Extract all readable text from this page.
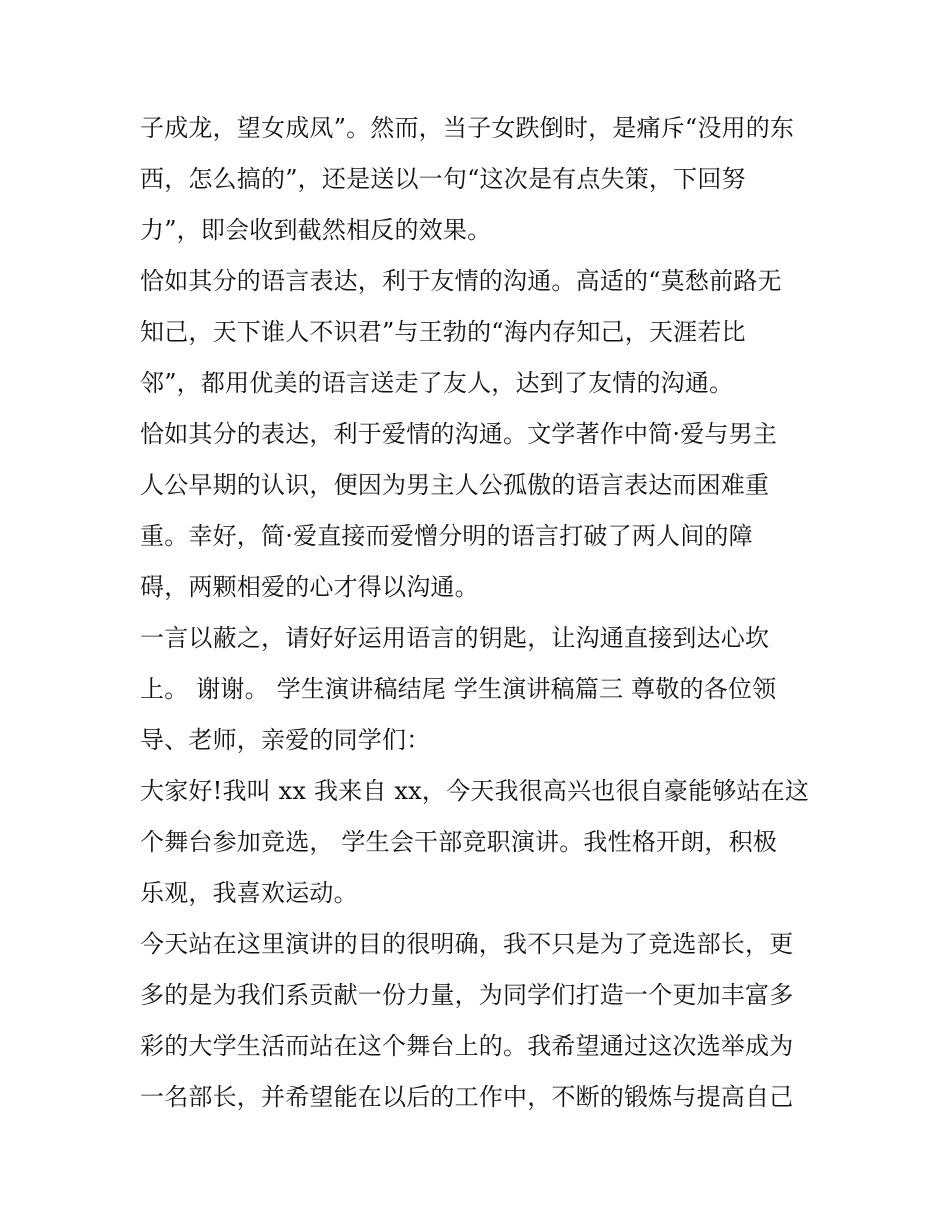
子成龙，望女成凤”。然而，当子女跌倒时，是痛斥“没用的东
西，怎么搞的”，还是送以一句“这次是有点失策，下回努
力”，即会收到截然相反的效果。
恰如其分的语言表达，利于友情的沟通。高适的“莫愁前路无
知己，天下谁人不识君”与王勃的“海内存知己，天涯若比
邻”，都用优美的语言送走了友人，达到了友情的沟通。
恰如其分的表达，利于爱情的沟通。文学著作中简·爱与男主
人公早期的认识，便因为男主人公孤傲的语言表达而困难重
重。幸好，简·爱直接而爱憎分明的语言打破了两人间的障
碍，两颗相爱的心才得以沟通。
一言以蔽之，请好好运用语言的钥匙，让沟通直接到达心坎
上。 谢谢。 学生演讲稿结尾 学生演讲稿篇三 尊敬的各位领
导、老师，亲爱的同学们：
大家好!我叫 xx 我来自 xx，今天我很高兴也很自豪能够站在这
个舞台参加竞选， 学生会干部竞职演讲。我性格开朗，积极
乐观，我喜欢运动。
今天站在这里演讲的目的很明确，我不只是为了竞选部长，更
多的是为我们系贡献一份力量，为同学们打造一个更加丰富多
彩的大学生活而站在这个舞台上的。我希望通过这次选举成为
一名部长，并希望能在以后的工作中，不断的锻炼与提高自己
